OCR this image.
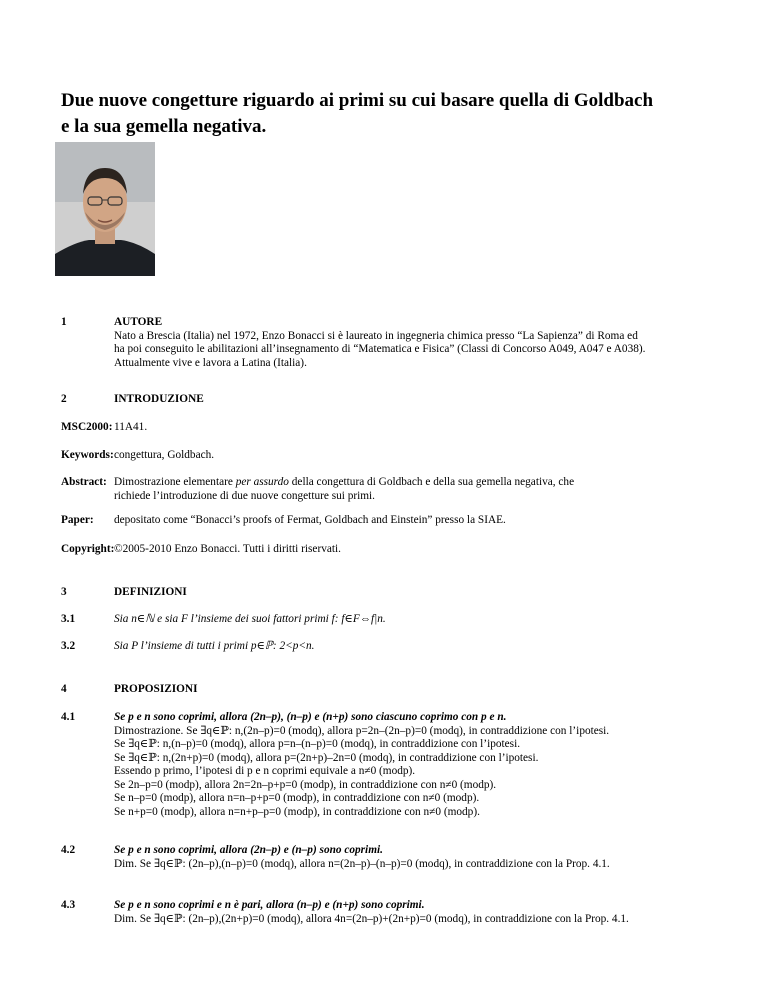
Due nuove congetture riguardo ai primi su cui basare quella di Goldbach
e la sua gemella negativa.
1	AUTORE
Nato a Brescia (Italia) nel 1972, Enzo Bonacci si è laureato in ingegneria chimica presso “La Sapienza” di Roma ed
ha poi conseguito le abilitazioni all’insegnamento di “Matematica e Fisica” (Classi di Concorso A049, A047 e A038).
Attualmente vive e lavora a Latina (Italia).
2	INTRODUZIONE
MSC2000: 11A41.
Keywords: congettura, Goldbach.
Abstract: Dimostrazione elementare per assurdo della congettura di Goldbach e della sua gemella negativa, che
richiede l’introduzione di due nuove congetture sui primi.
Paper:	depositato come “Bonacci’s proofs of Fermat, Goldbach and Einstein” presso la SIAE.
Copyright: ©2005-2010 Enzo Bonacci. Tutti i diritti riservati.
3	DEFINIZIONI
3.1	Sia n∈ℕ e sia F l’insieme dei suoi fattori primi f: f∈F⇔f|n.
3.2	Sia P l’insieme di tutti i primi p∈ℙ: 2<p<n.
4	PROPOSIZIONI
4.1	Se p e n sono coprimi, allora (2n–p), (n–p) e (n+p) sono ciascuno coprimo con p e n.
Dimostrazione. Se ∃q∈ℙ: n,(2n–p)=0 (modq), allora p=2n–(2n–p)=0 (modq), in contraddizione con l’ipotesi.
Se ∃q∈ℙ: n,(n–p)=0 (modq), allora p=n–(n–p)=0 (modq), in contraddizione con l’ipotesi.
Se ∃q∈ℙ: n,(2n+p)=0 (modq), allora p=(2n+p)–2n=0 (modq), in contraddizione con l’ipotesi.
Essendo p primo, l’ipotesi di p e n coprimi equivale a n≠0 (modp).
Se 2n–p=0 (modp), allora 2n=2n–p+p=0 (modp), in contraddizione con n≠0 (modp).
Se n–p=0 (modp), allora n=n–p+p=0 (modp), in contraddizione con n≠0 (modp).
Se n+p=0 (modp), allora n=n+p–p=0 (modp), in contraddizione con n≠0 (modp).
4.2	Se p e n sono coprimi, allora (2n–p) e (n–p) sono coprimi.
Dim. Se ∃q∈ℙ: (2n–p),(n–p)=0 (modq), allora n=(2n–p)–(n–p)=0 (modq), in contraddizione con la Prop. 4.1.
4.3	Se p e n sono coprimi e n è pari, allora (n–p) e (n+p) sono coprimi.
Dim. Se ∃q∈ℙ: (2n–p),(2n+p)=0 (modq), allora 4n=(2n–p)+(2n+p)=0 (modq), in contraddizione con la Prop. 4.1.
